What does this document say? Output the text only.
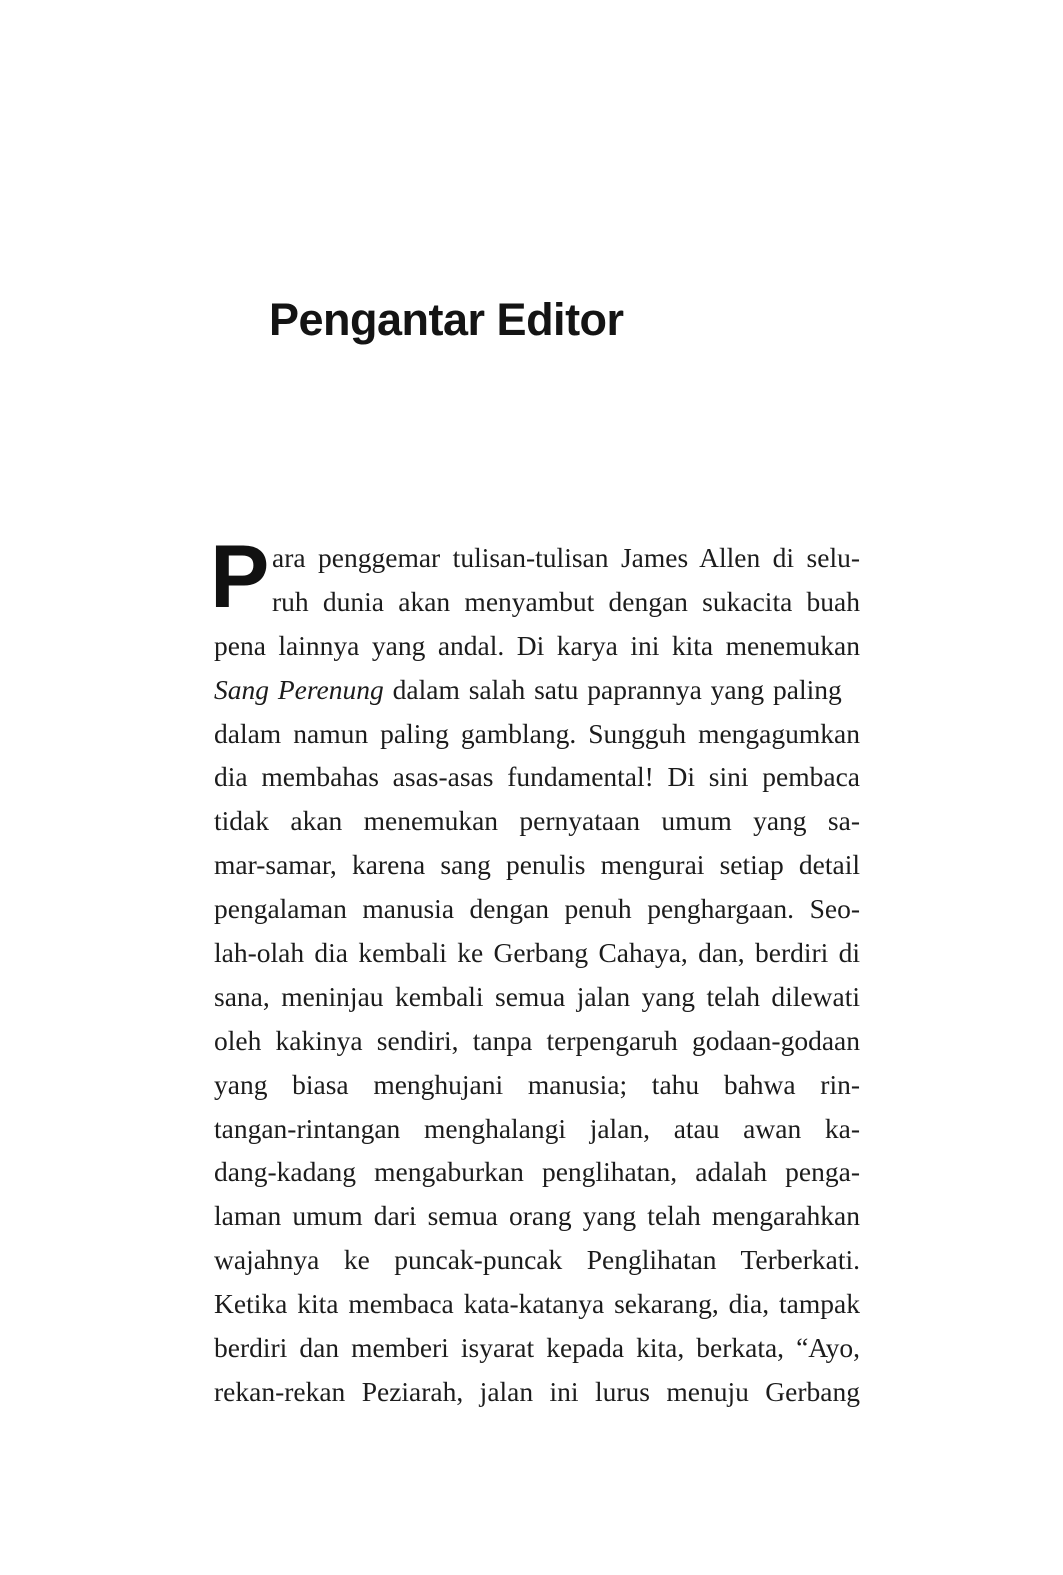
Pengantar Editor
P ara penggemar tulisan-tulisan James Allen di selu-
ruh dunia akan menyambut dengan sukacita buah
pena lainnya yang andal. Di karya ini kita menemukan
Sang Perenung dalam salah satu paprannya yang paling
dalam namun paling gamblang. Sungguh mengagumkan
dia membahas asas-asas fundamental! Di sini pembaca
tidak akan menemukan pernyataan umum yang sa-
mar-samar, karena sang penulis mengurai setiap detail
pengalaman manusia dengan penuh penghargaan. Seo-
lah-olah dia kembali ke Gerbang Cahaya, dan, berdiri di
sana, meninjau kembali semua jalan yang telah dilewati
oleh kakinya sendiri, tanpa terpengaruh godaan-godaan
yang biasa menghujani manusia; tahu bahwa rin-
tangan-rintangan menghalangi jalan, atau awan ka-
dang-kadang mengaburkan penglihatan, adalah penga-
laman umum dari semua orang yang telah mengarahkan
wajahnya ke puncak-puncak Penglihatan Terberkati.
Ketika kita membaca kata-katanya sekarang, dia, tampak
berdiri dan memberi isyarat kepada kita, berkata, “Ayo,
rekan-rekan Peziarah, jalan ini lurus menuju Gerbang
